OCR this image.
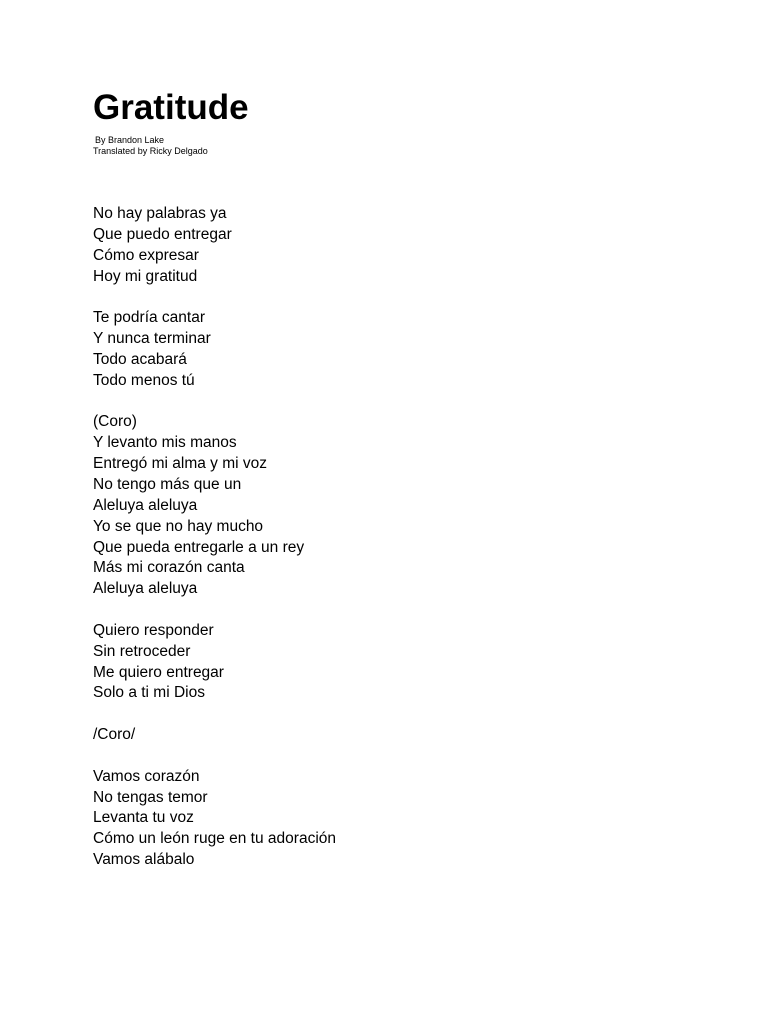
Gratitude
By Brandon Lake
Translated by Ricky Delgado
No hay palabras ya
Que puedo entregar
Cómo expresar
Hoy mi gratitud
Te podría cantar
Y nunca terminar
Todo acabará
Todo menos tú
(Coro)
Y levanto mis manos
Entregó mi alma y mi voz
No tengo más que un
Aleluya aleluya
Yo se que no hay mucho
Que pueda entregarle a un rey
Más mi corazón canta
Aleluya aleluya
Quiero responder
Sin retroceder
Me quiero entregar
Solo a ti mi Dios
/Coro/
Vamos corazón
No tengas temor
Levanta tu voz
Cómo un león ruge en tu adoración
Vamos alábalo
